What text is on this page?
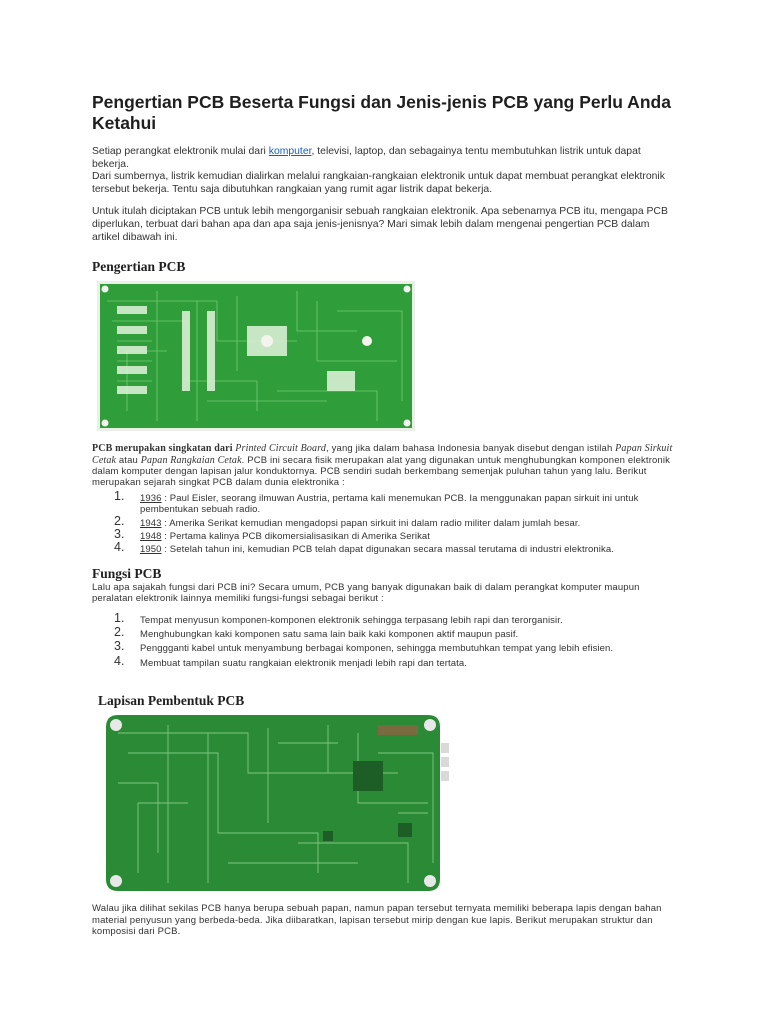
Pengertian PCB Beserta Fungsi dan Jenis-jenis PCB yang Perlu Anda Ketahui

Setiap perangkat elektronik mulai dari komputer, televisi, laptop, dan sebagainya tentu membutuhkan listrik untuk dapat bekerja.

Dari sumbernya, listrik kemudian dialirkan melalui rangkaian-rangkaian elektronik untuk dapat membuat perangkat elektronik tersebut bekerja. Tentu saja dibutuhkan rangkaian yang rumit agar listrik dapat bekerja.

Untuk itulah diciptakan PCB untuk lebih mengorganisir sebuah rangkaian elektronik. Apa sebenarnya PCB itu, mengapa PCB diperlukan, terbuat dari bahan apa dan apa saja jenis-jenisnya? Mari simak lebih dalam mengenai pengertian PCB dalam artikel dibawah ini.

Pengertian PCB

PCB merupakan singkatan dari Printed Circuit Board, yang jika dalam bahasa Indonesia banyak disebut dengan istilah Papan Sirkuit Cetak atau Papan Rangkaian Cetak. PCB ini secara fisik merupakan alat yang digunakan untuk menghubungkan komponen elektronik dalam komputer dengan lapisan jalur konduktornya. PCB sendiri sudah berkembang semenjak puluhan tahun yang lalu. Berikut merupakan sejarah singkat PCB dalam dunia elektronika :

1. 1936 : Paul Eisler, seorang ilmuwan Austria, pertama kali menemukan PCB. Ia menggunakan papan sirkuit ini untuk pembentukan sebuah radio.
2. 1943 : Amerika Serikat kemudian mengadopsi papan sirkuit ini dalam radio militer dalam jumlah besar.
3. 1948 : Pertama kalinya PCB dikomersialisasikan di Amerika Serikat
4. 1950 : Setelah tahun ini, kemudian PCB telah dapat digunakan secara massal terutama di industri elektronika.
Fungsi PCB

Lalu apa sajakah fungsi dari PCB ini? Secara umum, PCB yang banyak digunakan baik di dalam perangkat komputer maupun peralatan elektronik lainnya memiliki fungsi-fungsi sebagai berikut :

1. Tempat menyusun komponen-komponen elektronik sehingga terpasang lebih rapi dan terorganisir.
2. Menghubungkan kaki komponen satu sama lain baik kaki komponen aktif maupun pasif.
3. Penggganti kabel untuk menyambung berbagai komponen, sehingga membutuhkan tempat yang lebih efisien.
4. Membuat tampilan suatu rangkaian elektronik menjadi lebih rapi dan tertata.
Lapisan Pembentuk PCB

Walau jika dilihat sekilas PCB hanya berupa sebuah papan, namun papan tersebut ternyata memiliki beberapa lapis dengan bahan material penyusun yang berbeda-beda. Jika diibaratkan, lapisan tersebut mirip dengan kue lapis. Berikut merupakan struktur dan komposisi dari PCB.
